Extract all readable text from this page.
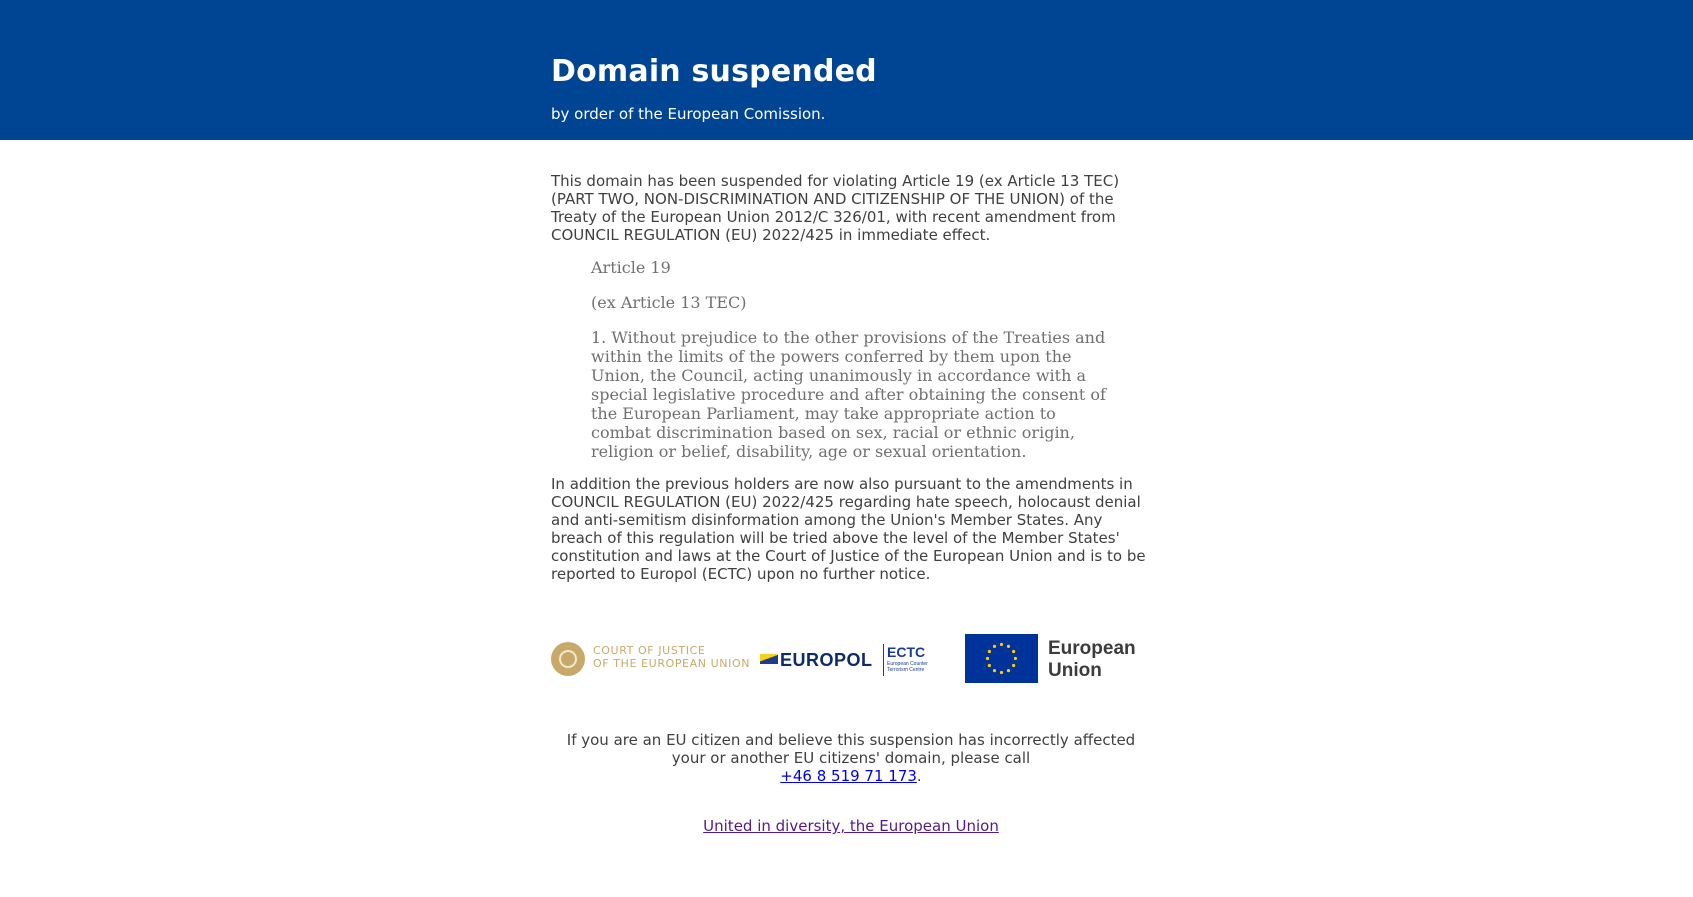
Domain suspended
by order of the European Comission.

This domain has been suspended for violating Article 19 (ex Article 13 TEC) (PART TWO, NON-DISCRIMINATION AND CITIZENSHIP OF THE UNION) of the Treaty of the European Union 2012/C 326/01, with recent amendment from COUNCIL REGULATION (EU) 2022/425 in immediate effect.

Article 19

(ex Article 13 TEC)

1. Without prejudice to the other provisions of the Treaties and within the limits of the powers conferred by them upon the Union, the Council, acting unanimously in accordance with a special legislative procedure and after obtaining the consent of the European Parliament, may take appropriate action to combat discrimination based on sex, racial or ethnic origin, religion or belief, disability, age or sexual orientation.

In addition the previous holders are now also pursuant to the amendments in COUNCIL REGULATION (EU) 2022/425 regarding hate speech, holocaust denial and anti-semitism disinformation among the Union's Member States. Any breach of this regulation will be tried above the level of the Member States' constitution and laws at the Court of Justice of the European Union and is to be reported to Europol (ECTC) upon no further notice.

COURT OF JUSTICE
OF THE EUROPEAN UNION EUROPOL ECTC
European Counter
Terrorism Centre
European
Union
If you are an EU citizen and believe this suspension has incorrectly affected your or another EU citizens' domain, please call
+46 8 519 71 173.
United in diversity, the European Union
